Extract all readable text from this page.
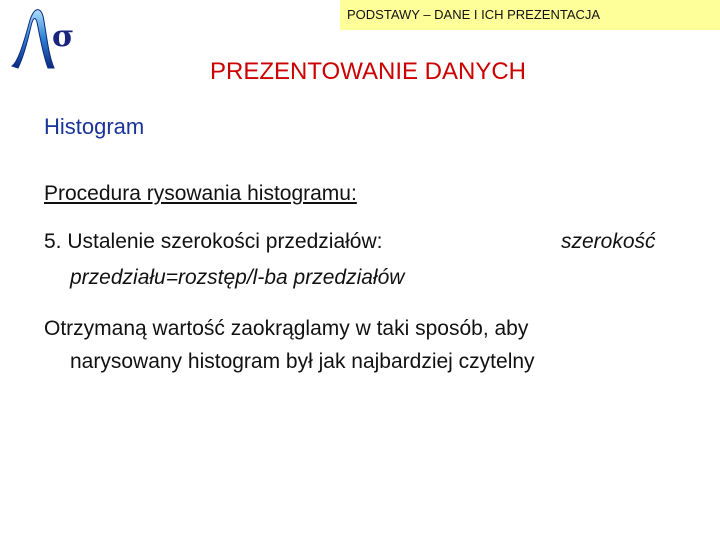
σ
PODSTAWY – DANE I ICH PREZENTACJA
PREZENTOWANIE DANYCH
Histogram
Procedura rysowania histogramu:
5. Ustalenie szerokości przedziałów:	szerokość
przedziału=rozstęp/l-ba przedziałów
Otrzymaną wartość zaokrąglamy w taki sposób, aby
narysowany histogram był jak najbardziej czytelny
